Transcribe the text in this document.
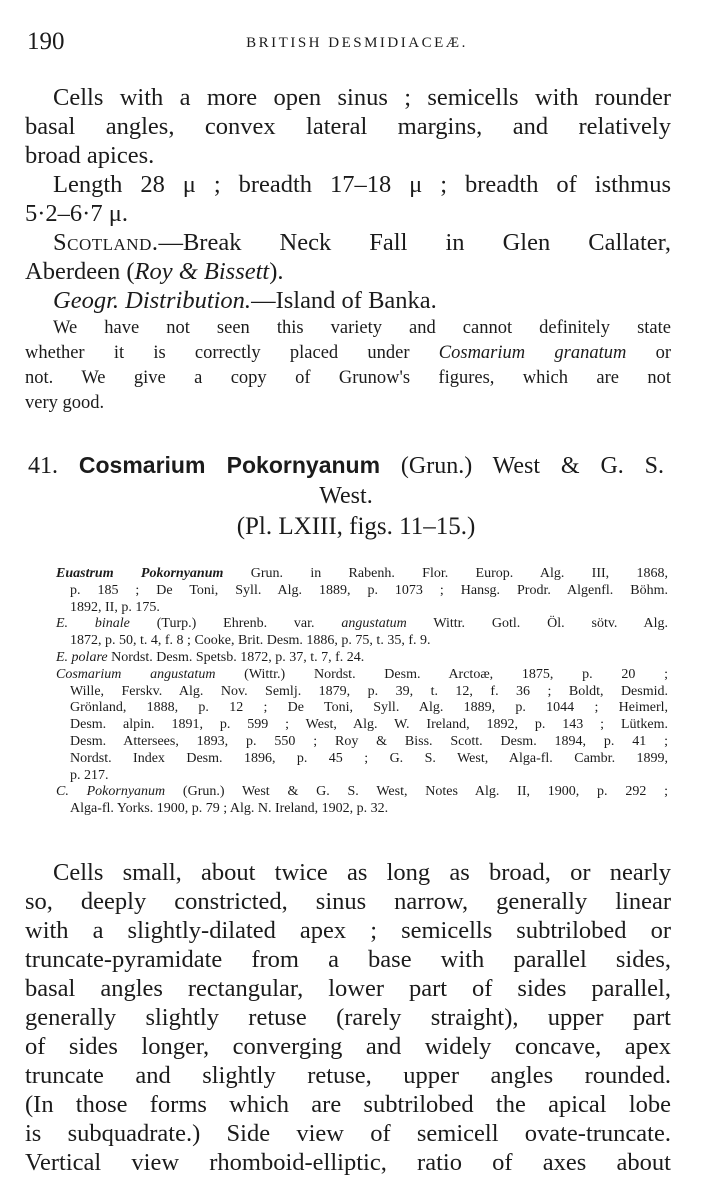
190	BRITISH DESMIDIACEÆ.
Cells with a more open sinus ; semicells with rounder
basal angles, convex lateral margins, and relatively
broad apices.
Length 28 μ ; breadth 17–18 μ ; breadth of isthmus
5·2–6·7 μ.
Scotland.—Break Neck Fall in Glen Callater,
Aberdeen (Roy & Bissett).
Geogr. Distribution.—Island of Banka.
We have not seen this variety and cannot definitely state
whether it is correctly placed under Cosmarium granatum or
not. We give a copy of Grunow's figures, which are not
very good.
41. Cosmarium Pokornyanum (Grun.) West & G. S.
West.
(Pl. LXIII, figs. 11–15.)
Euastrum Pokornyanum Grun. in Rabenh. Flor. Europ. Alg. III, 1868,
p. 185 ; De Toni, Syll. Alg. 1889, p. 1073 ; Hansg. Prodr. Algenfl. Böhm.
1892, II, p. 175.
E. binale (Turp.) Ehrenb. var. angustatum Wittr. Gotl. Öl. sötv. Alg.
1872, p. 50, t. 4, f. 8 ; Cooke, Brit. Desm. 1886, p. 75, t. 35, f. 9.
E. polare Nordst. Desm. Spetsb. 1872, p. 37, t. 7, f. 24.
Cosmarium angustatum (Wittr.) Nordst. Desm. Arctoæ, 1875, p. 20 ;
Wille, Ferskv. Alg. Nov. Semlj. 1879, p. 39, t. 12, f. 36 ; Boldt, Desmid.
Grönland, 1888, p. 12 ; De Toni, Syll. Alg. 1889, p. 1044 ; Heimerl,
Desm. alpin. 1891, p. 599 ; West, Alg. W. Ireland, 1892, p. 143 ; Lütkem.
Desm. Attersees, 1893, p. 550 ; Roy & Biss. Scott. Desm. 1894, p. 41 ;
Nordst. Index Desm. 1896, p. 45 ; G. S. West, Alga-fl. Cambr. 1899,
p. 217.
C. Pokornyanum (Grun.) West & G. S. West, Notes Alg. II, 1900, p. 292 ;
Alga-fl. Yorks. 1900, p. 79 ; Alg. N. Ireland, 1902, p. 32.
Cells small, about twice as long as broad, or nearly
so, deeply constricted, sinus narrow, generally linear
with a slightly-dilated apex ; semicells subtrilobed or
truncate-pyramidate from a base with parallel sides,
basal angles rectangular, lower part of sides parallel,
generally slightly retuse (rarely straight), upper part
of sides longer, converging and widely concave, apex
truncate and slightly retuse, upper angles rounded.
(In those forms which are subtrilobed the apical lobe
is subquadrate.) Side view of semicell ovate-truncate.
Vertical view rhomboid-elliptic, ratio of axes about
